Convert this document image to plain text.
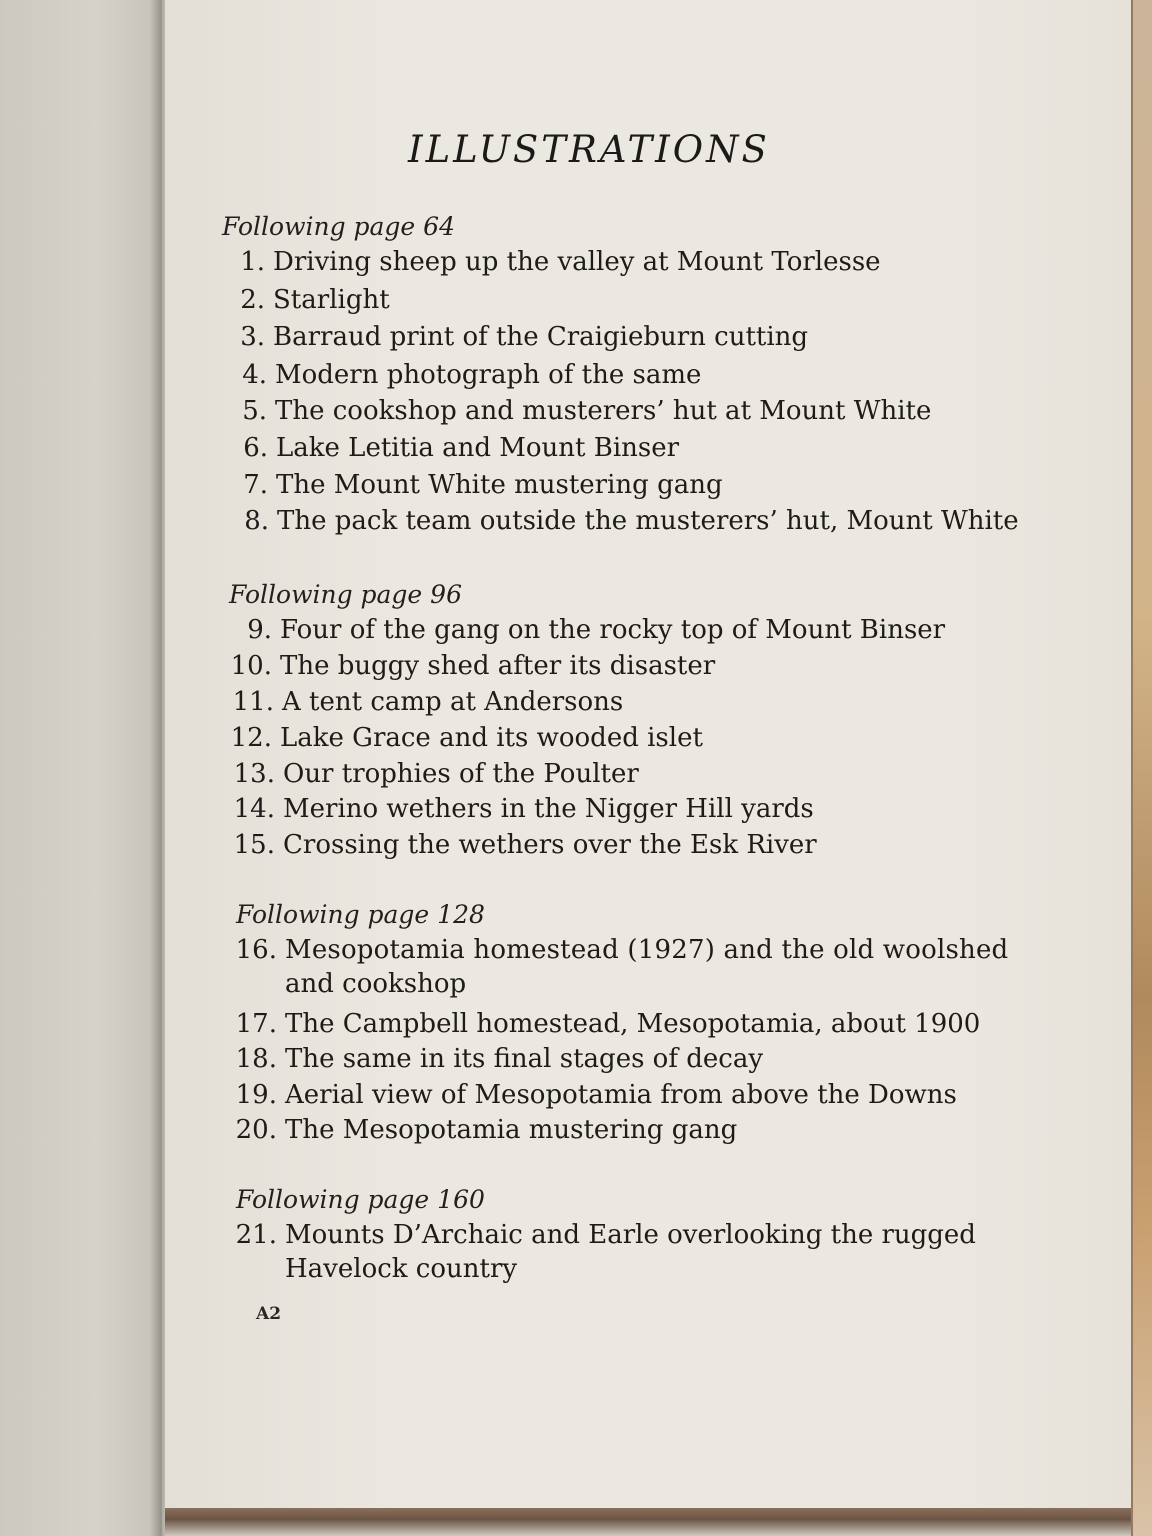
ILLUSTRATIONS
Following page 64
1. Driving sheep up the valley at Mount Torlesse
2. Starlight
3. Barraud print of the Craigieburn cutting
4. Modern photograph of the same
5. The cookshop and musterers’ hut at Mount White
6. Lake Letitia and Mount Binser
7. The Mount White mustering gang
8. The pack team outside the musterers’ hut, Mount White
Following page 96
9. Four of the gang on the rocky top of Mount Binser
10. The buggy shed after its disaster
11. A tent camp at Andersons
12. Lake Grace and its wooded islet
13. Our trophies of the Poulter
14. Merino wethers in the Nigger Hill yards
15. Crossing the wethers over the Esk River
Following page 128
16. Mesopotamia homestead (1927) and the old woolshed
and cookshop
17. The Campbell homestead, Mesopotamia, about 1900
18. The same in its final stages of decay
19. Aerial view of Mesopotamia from above the Downs
20. The Mesopotamia mustering gang
Following page 160
21. Mounts D’Archaic and Earle overlooking the rugged
Havelock country
A2
